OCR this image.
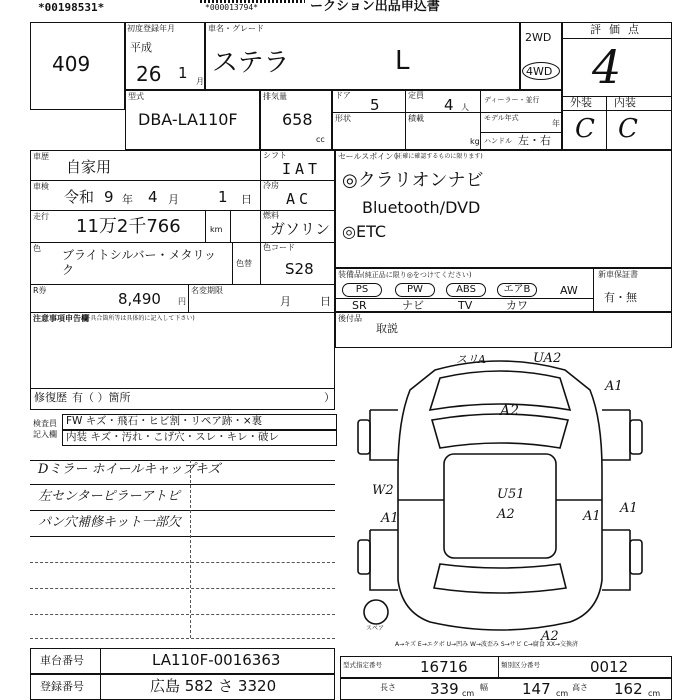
*00198531*	*000013794*	ークション出品申込書
409
初度登録年月
平成
26 1 月
車名・グレード
ステラ	L
2WD
4WD
評価点
4
外装 内装
C C
型式
DBA-LA110F
排気量
658
cc
ドア
5
定員
4 人
ディーラー・並行
形状	積載
kg
モデル年式
年
ハンドル 左・右
車歴
自家用
シフト
IAT
車検
令和 9 年 4 月	1 日
冷房
AC
走行 11万2千766	km
燃料
ガソリン
色 ブライトシルバー・メタリック	色替
色コード
S28
R券	8,490 円
名変期限
月	日
注意事項申告欄
(不具合箇所等は具体的に記入して下さい)
修復歴 有（ ）箇所	）
セールスポイント
(正確に確認するものに限ります)
◎クラリオンナビ
Bluetooth/DVD
◎ETC
装備品 (純正品に限り◎をつけてください)	新車保証書
有・無
PS	PW	ABS	エアB	AW
SR	ナビ	TV	カワ
後付品
取説
検査員記入欄
FW キズ・飛石・ヒビ割・リペア跡・×裏
内装 キズ・汚れ・こげ穴・スレ・キレ・破レ
Dミラー ホイールキャップキズ
左センターピラーアトピ
パン穴補修キット一部欠
スリA	UA2
A1
A2
A1
W2
A1
U51
A2	A1
A2
スペア
A→キズ E→エクボ U→凹み W→波歪み S→サビ C→腐食 XX→交換済
車台番号	LA110F-0016363
登録番号	広島 582 さ 3320
型式指定番号	16716	類別区分番号	0012
長さ 339 cm
幅 147 cm
高さ 162 cm
